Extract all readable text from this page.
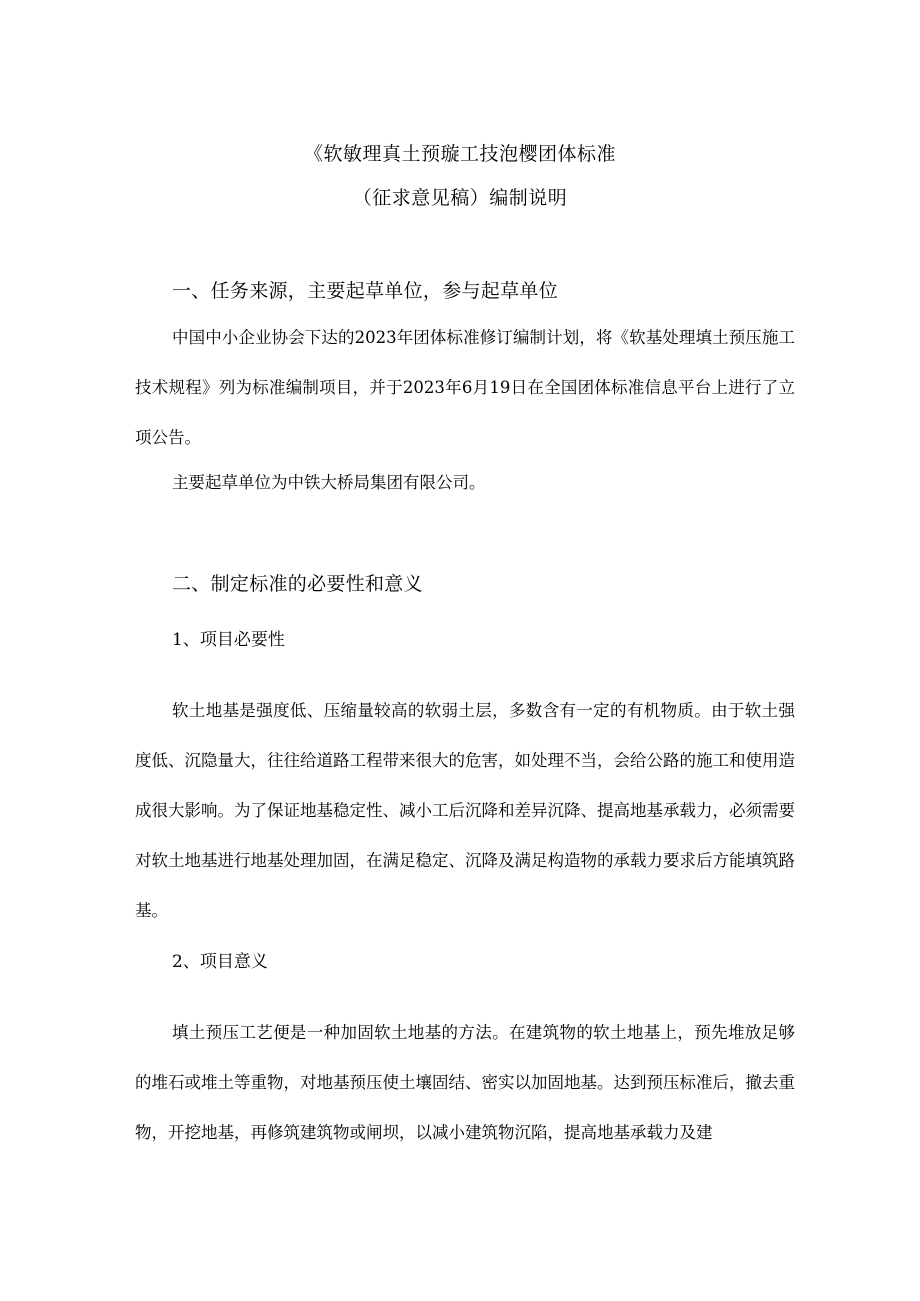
《软敏理真土预璇工技泡樱团体标准
（征求意见稿）编制说明
一、任务来源，主要起草单位，参与起草单位
中国中小企业协会下达的2023年团体标准修订编制计划，将《软基处理填土预压施工技术规程》列为标准编制项目，并于2023年6月19日在全国团体标准信息平台上进行了立项公告。
主要起草单位为中铁大桥局集团有限公司。
二、制定标准的必要性和意义
1、项目必要性
软土地基是强度低、压缩量较高的软弱土层，多数含有一定的有机物质。由于软土强度低、沉隐量大，往往给道路工程带来很大的危害，如处理不当，会给公路的施工和使用造成很大影响。为了保证地基稳定性、减小工后沉降和差异沉降、提高地基承载力，必须需要对软土地基进行地基处理加固，在满足稳定、沉降及满足构造物的承载力要求后方能填筑路基。
2、项目意义
填土预压工艺便是一种加固软土地基的方法。在建筑物的软土地基上，预先堆放足够的堆石或堆土等重物，对地基预压使土壤固结、密实以加固地基。达到预压标准后，撤去重物，开挖地基，再修筑建筑物或闸坝，以减小建筑物沉陷，提高地基承载力及建
